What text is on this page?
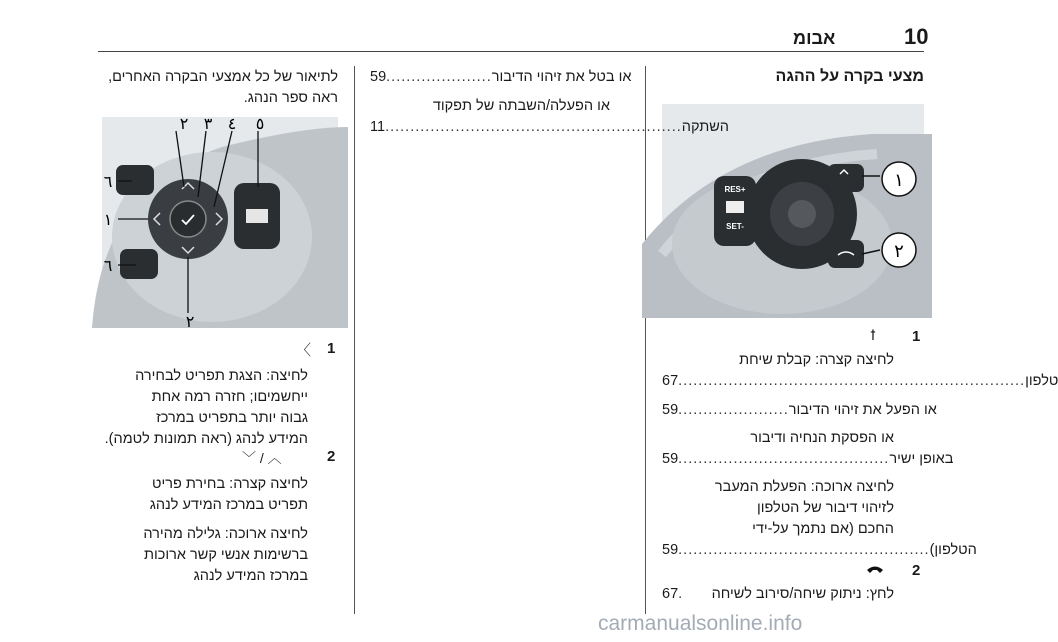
10
אבומ
מצעי בקרה על ההגה
RES+
SET-
١
٢
1
ꝉ
לחיצה קצרה: קבלת שיחת
67 ..................................................................... טלפון
59 ...................... או הפעל את זיהוי הדיבור
או הפסקת הנחיה ודיבור
59 .......................................... באופן ישיר
לחיצה ארוכה: הפעלת המעבר
לזיהוי דיבור של הטלפון
החכם (אם נתמך על-ידי
59 .................................................. הטלפון)
2
67 .	לחץ: ניתוק שיחה/סירוב לשיחה
59 ..................... או בטל את זיהוי הדיבור
או הפעלה/השבתה של תפקוד
11 ........................................................... השתקה
לתיאור של כל אמצעי הבקרה האחרים,
ראה ספר הנהג.
٢ ٣ ٤ ٥
٦
١
٦
٢
1
〈
לחיצה: הצגת תפריט לבחירה
ייחשמיםו; חזרה רמה אחת
גבוה יותר בתפריט במרכז
המידע לנהג (ראה תמונות לטמה).
2
﹀ / ︿
לחיצה קצרה: בחירת פריט
תפריט במרכז המידע לנהג
לחיצה ארוכה: גלילה מהירה
ברשימות אנשי קשר ארוכות
במרכז המידע לנהג
carmanualsonline.info
